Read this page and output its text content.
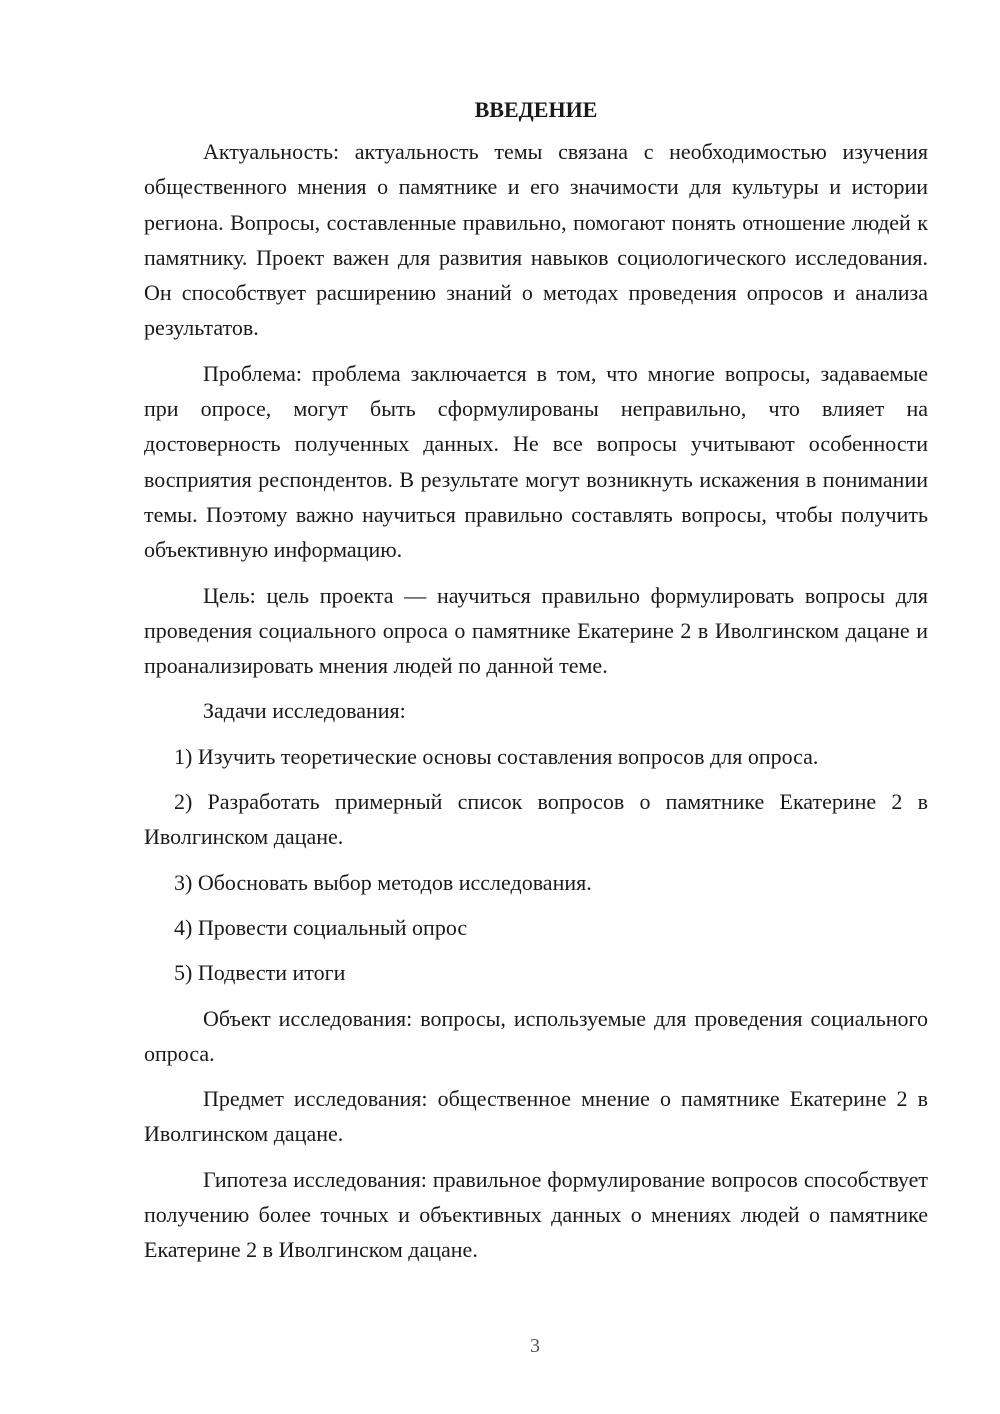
ВВЕДЕНИЕ

Актуальность: актуальность темы связана с необходимостью изучения общественного мнения о памятнике и его значимости для культуры и истории региона. Вопросы, составленные правильно, помогают понять отношение людей к памятнику. Проект важен для развития навыков социологического исследования. Он способствует расширению знаний о методах проведения опросов и анализа результатов.

Проблема: проблема заключается в том, что многие вопросы, задаваемые при опросе, могут быть сформулированы неправильно, что влияет на достоверность полученных данных. Не все вопросы учитывают особенности восприятия респондентов. В результате могут возникнуть искажения в понимании темы. Поэтому важно научиться правильно составлять вопросы, чтобы получить объективную информацию.

Цель: цель проекта — научиться правильно формулировать вопросы для проведения социального опроса о памятнике Екатерине 2 в Иволгинском дацане и проанализировать мнения людей по данной теме.

Задачи исследования:

1) Изучить теоретические основы составления вопросов для опроса.

2) Разработать примерный список вопросов о памятнике Екатерине 2 в Иволгинском дацане.

3) Обосновать выбор методов исследования.

4) Провести социальный опрос

5) Подвести итоги

Объект исследования: вопросы, используемые для проведения социального опроса.

Предмет исследования: общественное мнение о памятнике Екатерине 2 в Иволгинском дацане.

Гипотеза исследования: правильное формулирование вопросов способствует получению более точных и объективных данных о мнениях людей о памятнике Екатерине 2 в Иволгинском дацане.

3
